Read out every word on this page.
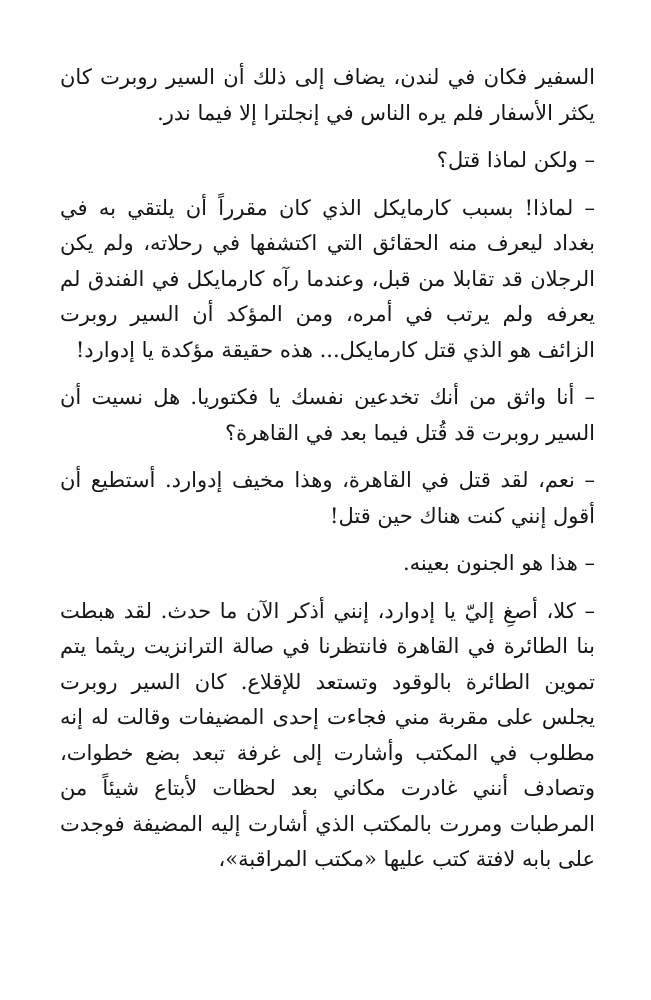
السفير فكان في لندن، يضاف إلى ذلك أن السير روبرت كان يكثر الأسفار فلم يره الناس في إنجلترا إلا فيما ندر.

– ولكن لماذا قتل؟

– لماذا! بسبب كارمايكل الذي كان مقرراً أن يلتقي به في بغداد ليعرف منه الحقائق التي اكتشفها في رحلاته، ولم يكن الرجلان قد تقابلا من قبل، وعندما رآه كارمايكل في الفندق لم يعرفه ولم يرتب في أمره، ومن المؤكد أن السير روبرت الزائف هو الذي قتل كارمايكل... هذه حقيقة مؤكدة يا إدوارد!

– أنا واثق من أنك تخدعين نفسك يا فكتوريا. هل نسيت أن السير روبرت قد قُتل فيما بعد في القاهرة؟

– نعم، لقد قتل في القاهرة، وهذا مخيف إدوارد. أستطيع أن أقول إنني كنت هناك حين قتل!

– هذا هو الجنون بعينه.

– كلا، أصغِ إليّ يا إدوارد، إنني أذكر الآن ما حدث. لقد هبطت بنا الطائرة في القاهرة فانتظرنا في صالة الترانزيت ريثما يتم تموين الطائرة بالوقود وتستعد للإقلاع. كان السير روبرت يجلس على مقربة مني فجاءت إحدى المضيفات وقالت له إنه مطلوب في المكتب وأشارت إلى غرفة تبعد بضع خطوات، وتصادف أنني غادرت مكاني بعد لحظات لأبتاع شيئاً من المرطبات ومررت بالمكتب الذي أشارت إليه المضيفة فوجدت على بابه لافتة كتب عليها «مكتب المراقبة»،
